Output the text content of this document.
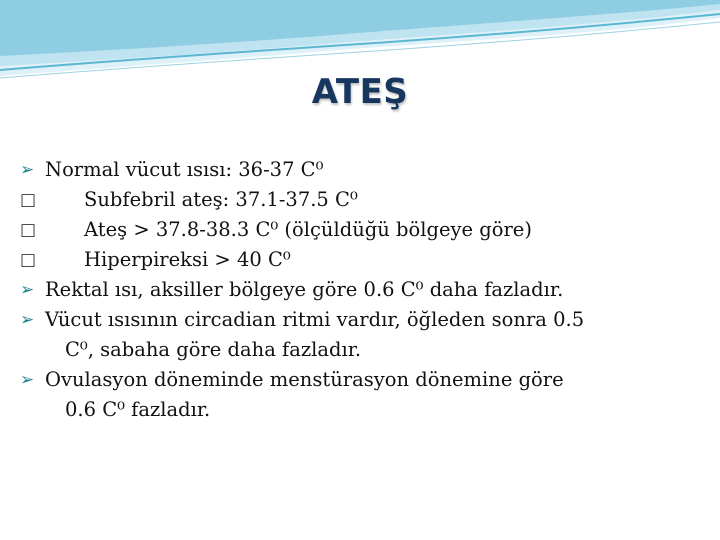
ATEŞ
➢ Normal vücut ısısı: 36-37 C⁰
□ Subfebril ateş: 37.1-37.5 C⁰
□ Ateş > 37.8-38.3 C⁰ (ölçüldüğü bölgeye göre)
□ Hiperpireksi > 40 C⁰
➢ Rektal ısı, aksiller bölgeye göre 0.6 C⁰ daha fazladır.
➢ Vücut ısısının circadian ritmi vardır, öğleden sonra 0.5
C⁰, sabaha göre daha fazladır.
➢ Ovulasyon döneminde menstürasyon dönemine göre
0.6 C⁰ fazladır.
